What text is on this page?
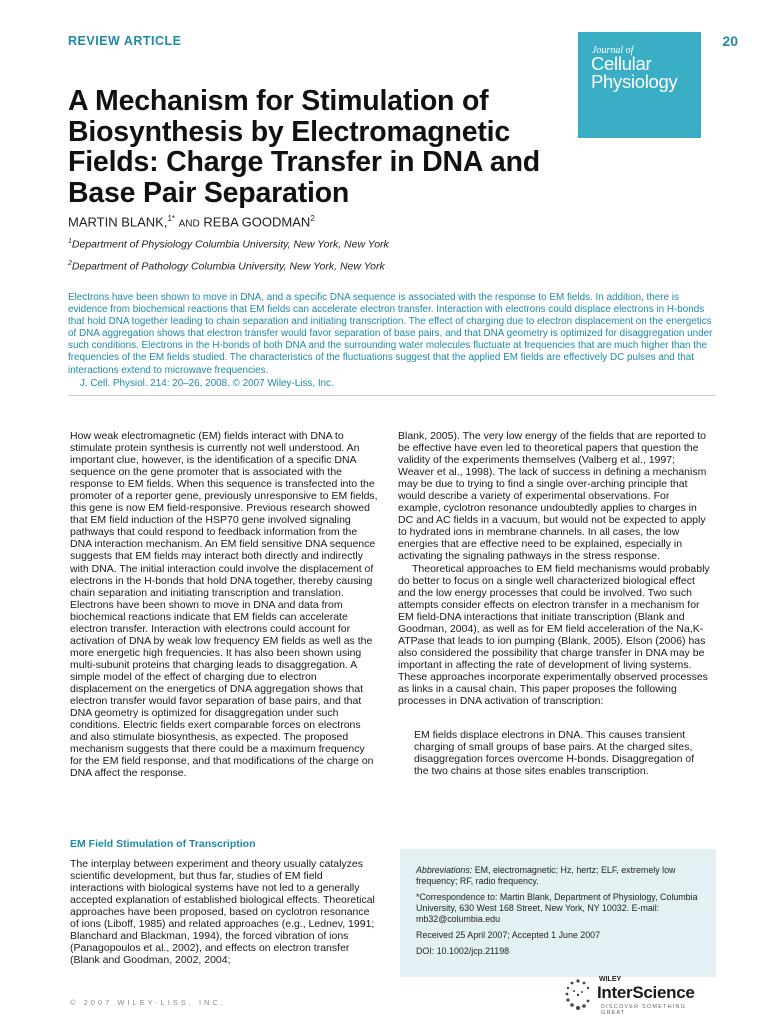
REVIEW ARTICLE	20
Journal of
Cellular Physiology
A Mechanism for Stimulation of Biosynthesis by Electromagnetic Fields: Charge Transfer in DNA and Base Pair Separation
MARTIN BLANK,$^{1*}$ AND REBA GOODMAN$^2$
$^1$Department of Physiology Columbia University, New York, New York
$^2$Department of Pathology Columbia University, New York, New York
Electrons have been shown to move in DNA, and a specific DNA sequence is associated with the response to EM fields. In addition, there is evidence from biochemical reactions that EM fields can accelerate electron transfer. Interaction with electrons could displace electrons in H-bonds that hold DNA together leading to chain separation and initiating transcription. The effect of charging due to electron displacement on the energetics of DNA aggregation shows that electron transfer would favor separation of base pairs, and that DNA geometry is optimized for disaggregation under such conditions. Electrons in the H-bonds of both DNA and the surrounding water molecules fluctuate at frequencies that are much higher than the frequencies of the EM fields studied. The characteristics of the fluctuations suggest that the applied EM fields are effectively DC pulses and that interactions extend to microwave frequencies.
J. Cell. Physiol. 214: 20–26, 2008. © 2007 Wiley-Liss, Inc.

How weak electromagnetic (EM) fields interact with DNA to stimulate protein synthesis is currently not well understood. An important clue, however, is the identification of a specific DNA sequence on the gene promoter that is associated with the response to EM fields. When this sequence is transfected into the promoter of a reporter gene, previously unresponsive to EM fields, this gene is now EM field-responsive. Previous research showed that EM field induction of the HSP70 gene involved signaling pathways that could respond to feedback information from the DNA interaction mechanism. An EM field sensitive DNA sequence suggests that EM fields may interact both directly and indirectly with DNA. The initial interaction could involve the displacement of electrons in the H-bonds that hold DNA together, thereby causing chain separation and initiating transcription and translation. Electrons have been shown to move in DNA and data from biochemical reactions indicate that EM fields can accelerate electron transfer. Interaction with electrons could account for activation of DNA by weak low frequency EM fields as well as the more energetic high frequencies. It has also been shown using multi-subunit proteins that charging leads to disaggregation. A simple model of the effect of charging due to electron displacement on the energetics of DNA aggregation shows that electron transfer would favor separation of base pairs, and that DNA geometry is optimized for disaggregation under such conditions. Electric fields exert comparable forces on electrons and also stimulate biosynthesis, as expected. The proposed mechanism suggests that there could be a maximum frequency for the EM field response, and that modifications of the charge on DNA affect the response.

EM Field Stimulation of Transcription

The interplay between experiment and theory usually catalyzes scientific development, but thus far, studies of EM field interactions with biological systems have not led to a generally accepted explanation of established biological effects. Theoretical approaches have been proposed, based on cyclotron resonance of ions (Liboff, 1985) and related approaches (e.g., Lednev, 1991; Blanchard and Blackman, 1994), the forced vibration of ions (Panagopoulos et al., 2002), and effects on electron transfer (Blank and Goodman, 2002, 2004;

Blank, 2005). The very low energy of the fields that are reported to be effective have even led to theoretical papers that question the validity of the experiments themselves (Valberg et al., 1997; Weaver et al., 1998). The lack of success in defining a mechanism may be due to trying to find a single over-arching principle that would describe a variety of experimental observations. For example, cyclotron resonance undoubtedly applies to charges in DC and AC fields in a vacuum, but would not be expected to apply to hydrated ions in membrane channels. In all cases, the low energies that are effective need to be explained, especially in activating the signaling pathways in the stress response.

Theoretical approaches to EM field mechanisms would probably do better to focus on a single well characterized biological effect and the low energy processes that could be involved. Two such attempts consider effects on electron transfer in a mechanism for EM field-DNA interactions that initiate transcription (Blank and Goodman, 2004), as well as for EM field acceleration of the Na,K-ATPase that leads to ion pumping (Blank, 2005). Elson (2006) has also considered the possibility that charge transfer in DNA may be important in affecting the rate of development of living systems. These approaches incorporate experimentally observed processes as links in a causal chain. This paper proposes the following processes in DNA activation of transcription:

EM fields displace electrons in DNA. This causes transient charging of small groups of base pairs. At the charged sites, disaggregation forces overcome H-bonds. Disaggregation of the two chains at those sites enables transcription.

Abbreviations: EM, electromagnetic; Hz, hertz; ELF, extremely low frequency; RF, radio frequency.

*Correspondence to: Martin Blank, Department of Physiology, Columbia University, 630 West 168 Street, New York, NY 10032. E-mail: mb32@columbia.edu

Received 25 April 2007; Accepted 1 June 2007

DOI: 10.1002/jcp.21198

© 2007 WILEY-LISS, INC.
WILEY
InterScience
DISCOVER SOMETHING GREAT
